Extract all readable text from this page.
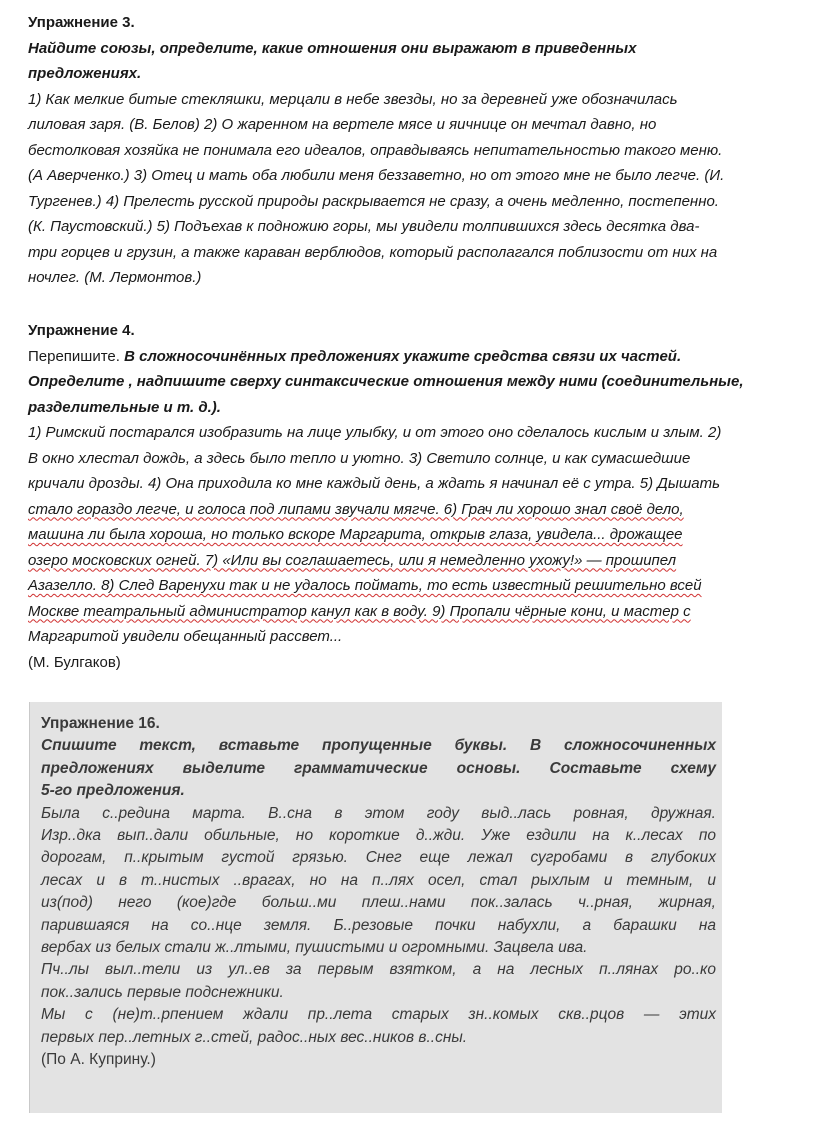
Упражнение 3.
Найдите союзы, определите, какие отношения они выражают в приведенных
предложениях.
1) Как мелкие битые стекляшки, мерцали в небе звезды, но за деревней уже обозначилась
лиловая заря. (В. Белов) 2) О жаренном на вертеле мясе и яичнице он мечтал давно, но
бестолковая хозяйка не понимала его идеалов, оправдываясь непитательностью такого меню.
(А Аверченко.) 3) Отец и мать оба любили меня беззаветно, но от этого мне не было легче. (И.
Тургенев.) 4) Прелесть русской природы раскрывается не сразу, а очень медленно, постепенно.
(К. Паустовский.) 5) Подъехав к подножию горы, мы увидели толпившихся здесь десятка два-
три горцев и грузин, а также караван верблюдов, который располагался поблизости от них на
ночлег. (М. Лермонтов.)
Упражнение 4.
Перепишите. В сложносочинённых предложениях укажите средства связи их частей.
Определите , надпишите сверху синтаксические отношения между ними (соединительные,
разделительные и т. д.).
1) Римский постарался изобразить на лице улыбку, и от этого оно сделалось кислым и злым. 2)
В окно хлестал дождь, а здесь было тепло и уютно. 3) Светило солнце, и как сумасшедшие
кричали дрозды. 4) Она приходила ко мне каждый день, а ждать я начинал её с утра. 5) Дышать
стало гораздо легче, и голоса под липами звучали мягче. 6) Грач ли хорошо знал своё дело,
машина ли была хороша, но только вскоре Маргарита, открыв глаза, увидела... дрожащее
озеро московских огней. 7) «Или вы соглашаетесь, или я немедленно ухожу!» — прошипел
Азазелло. 8) След Варенухи так и не удалось поймать, то есть известный решительно всей
Москве театральный администратор канул как в воду. 9) Пропали чёрные кони, и мастер с
Маргаритой увидели обещанный рассвет...
(М. Булгаков)
Упражнение 16.
Спишите текст, вставьте пропущенные буквы. В сложносочиненных
предложениях выделите грамматические основы. Составьте схему
5-го предложения.
Была с..редина марта. В..сна в этом году выд..лась ровная, дружная.
Изр..дка вып..дали обильные, но короткие д..жди. Уже ездили на к..лесах по
дорогам, п..крытым густой грязью. Снег еще лежал сугробами в глубоких
лесах и в т..нистых ..врагах, но на п..лях осел, стал рыхлым и темным, и
из(под) него (кое)где больш..ми плеш..нами пок..залась ч..рная, жирная,
парившаяся на со..нце земля. Б..резовые почки набухли, а барашки на
вербах из белых стали ж..лтыми, пушистыми и огромными. Зацвела ива.
Пч..лы выл..тели из ул..ев за первым взятком, а на лесных п..лянах ро..ко
пок..зались первые подснежники.
Мы с (не)т..рпением ждали пр..лета старых зн..комых скв..рцов — этих
первых пер..летных г..стей, радос..ных вес..ников в..сны.
(По А. Куприну.)
